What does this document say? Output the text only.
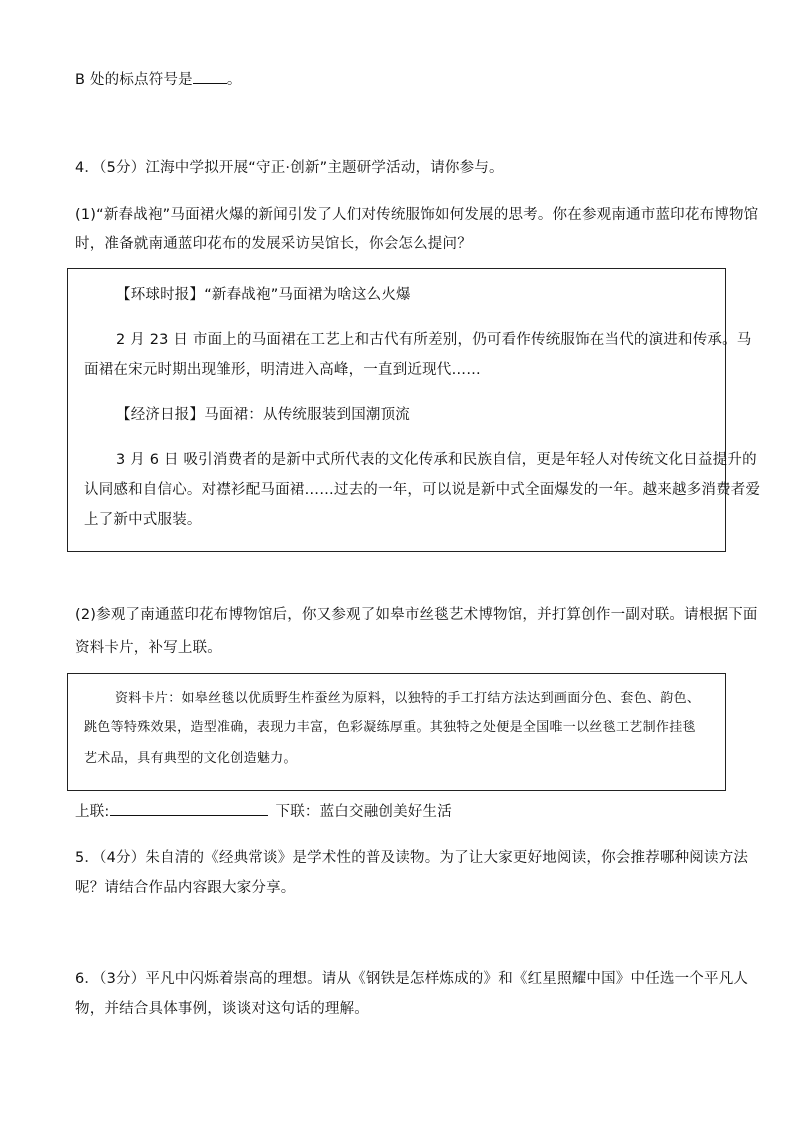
B 处的标点符号是 。
4．（5分）江海中学拟开展“守正·创新”主题研学活动，请你参与。
(1)“新春战袍”马面裙火爆的新闻引发了人们对传统服饰如何发展的思考。你在参观南通市蓝印花布博物馆
时，准备就南通蓝印花布的发展采访吴馆长，你会怎么提问？
【环球时报】“新春战袍”马面裙为啥这么火爆
2 月 23 日 市面上的马面裙在工艺上和古代有所差别，仍可看作传统服饰在当代的演进和传承。马
面裙在宋元时期出现雏形，明清进入高峰，一直到近现代……
【经济日报】马面裙：从传统服装到国潮顶流
3 月 6 日 吸引消费者的是新中式所代表的文化传承和民族自信，更是年轻人对传统文化日益提升的
认同感和自信心。对襟衫配马面裙……过去的一年，可以说是新中式全面爆发的一年。越来越多消费者爱
上了新中式服装。
(2)参观了南通蓝印花布博物馆后，你又参观了如皋市丝毯艺术博物馆，并打算创作一副对联。请根据下面
资料卡片，补写上联。
资料卡片：如皋丝毯以优质野生柞蚕丝为原料，以独特的手工打结方法达到画面分色、套色、韵色、
跳色等特殊效果，造型准确，表现力丰富，色彩凝练厚重。其独特之处便是全国唯一以丝毯工艺制作挂毯
艺术品，具有典型的文化创造魅力。
上联:	下联：蓝白交融创美好生活
5．（4分）朱自清的《经典常谈》是学术性的普及读物。为了让大家更好地阅读，你会推荐哪种阅读方法
呢？请结合作品内容跟大家分享。
6．（3分）平凡中闪烁着崇高的理想。请从《钢铁是怎样炼成的》和《红星照耀中国》中任选一个平凡人
物，并结合具体事例，谈谈对这句话的理解。
